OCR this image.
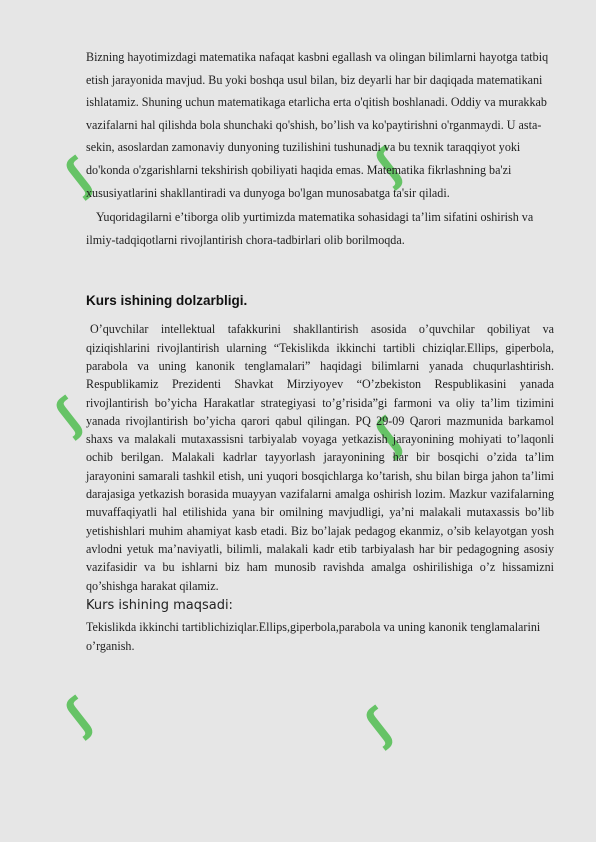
ʃ	ʃ
ʃ	ʃ
ʃ	ʃ

Bizning hayotimizdagi matematika nafaqat kasbni egallash va olingan bilimlarni hayotga tatbiq etish jarayonida mavjud. Bu yoki boshqa usul bilan, biz deyarli har bir daqiqada matematikani ishlatamiz. Shuning uchun matematikaga etarlicha erta o'qitish boshlanadi. Oddiy va murakkab vazifalarni hal qilishda bola shunchaki qo'shish, bo’lish va ko'paytirishni o'rganmaydi. U asta-sekin, asoslardan zamonaviy dunyoning tuzilishini tushunadi va bu texnik taraqqiyot yoki do'konda o'zgarishlarni tekshirish qobiliyati haqida emas. Matematika fikrlashning ba'zi xususiyatlarini shakllantiradi va dunyoga bo'lgan munosabatga ta'sir qiladi.

Yuqoridagilarni e’tiborga olib yurtimizda matematika sohasidagi ta’lim sifatini oshirish va ilmiy-tadqiqotlarni rivojlantirish chora-tadbirlari olib borilmoqda.

Kurs ishining dolzarbligi.

O’quvchilar intellektual tafakkurini shakllantirish asosida o’quvchilar qobiliyat va qiziqishlarini rivojlantirish ularning “Tekislikda ikkinchi tartibli chiziqlar.Ellips, giperbola, parabola va uning kanonik tenglamalari” haqidagi bilimlarni yanada chuqurlashtirish. Respublikamiz Prezidenti Shavkat Mirziyoyev “O’zbekiston Respublikasini yanada rivojlantirish bo’yicha Harakatlar strategiyasi to’g’risida”gi farmoni va oliy ta’lim tizimini yanada rivojlantirish bo’yicha qarori qabul qilingan. PQ 29-09 Qarori mazmunida barkamol shaxs va malakali mutaxassisni tarbiyalab voyaga yetkazish jarayonining mohiyati to’laqonli ochib berilgan. Malakali kadrlar tayyorlash jarayonining har bir bosqichi o’zida ta’lim jarayonini samarali tashkil etish, uni yuqori bosqichlarga ko’tarish, shu bilan birga jahon ta’limi darajasiga yetkazish borasida muayyan vazifalarni amalga oshirish lozim. Mazkur vazifalarning muvaffaqiyatli hal etilishida yana bir omilning mavjudligi, ya’ni malakali mutaxassis bo’lib yetishishlari muhim ahamiyat kasb etadi. Biz bo’lajak pedagog ekanmiz, o’sib kelayotgan yosh avlodni yetuk ma’naviyatli, bilimli, malakali kadr etib tarbiyalash har bir pedagogning asosiy vazifasidir va bu ishlarni biz ham munosib ravishda amalga oshirilishiga o’z hissamizni qo’shishga harakat qilamiz.

Kurs ishining maqsadi:

Tekislikda ikkinchi tartiblichiziqlar.Ellips,giperbola,parabola va uning kanonik tenglamalarini o’rganish.
